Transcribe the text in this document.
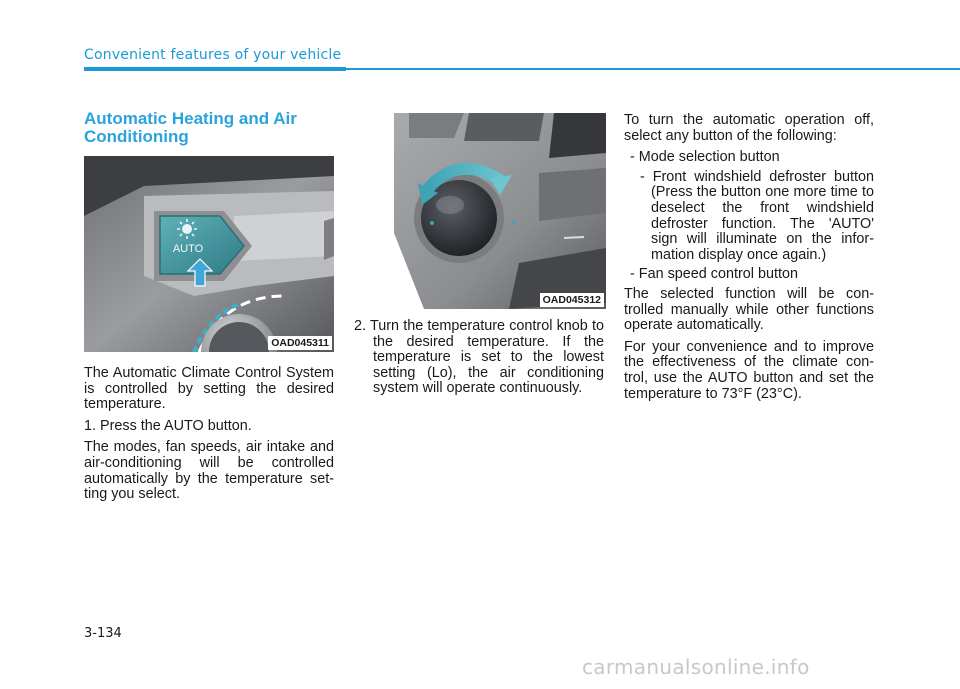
Convenient features of your vehicle
Automatic Heating and Air Conditioning
AUTO
OAD045311

The Automatic Climate Control System is controlled by setting the desired temperature.

1. Press the AUTO button.

The modes, fan speeds, air intake and air-conditioning will be controlled automatically by the temperature set-ting you select.

OAD045312

2. Turn the temperature control knob to the desired temperature. If the temperature is set to the lowest setting (Lo), the air conditioning system will operate continuously.

To turn the automatic operation off, select any button of the following:

- Mode selection button

- Front windshield defroster button (Press the button one more time to deselect the front windshield defroster function. The 'AUTO' sign will illuminate on the infor-mation display once again.)

- Fan speed control button

The selected function will be con-trolled manually while other functions operate automatically.

For your convenience and to improve the effectiveness of the climate con-trol, use the AUTO button and set the temperature to 73°F (23°C).

3-134
carmanualsonline.info
